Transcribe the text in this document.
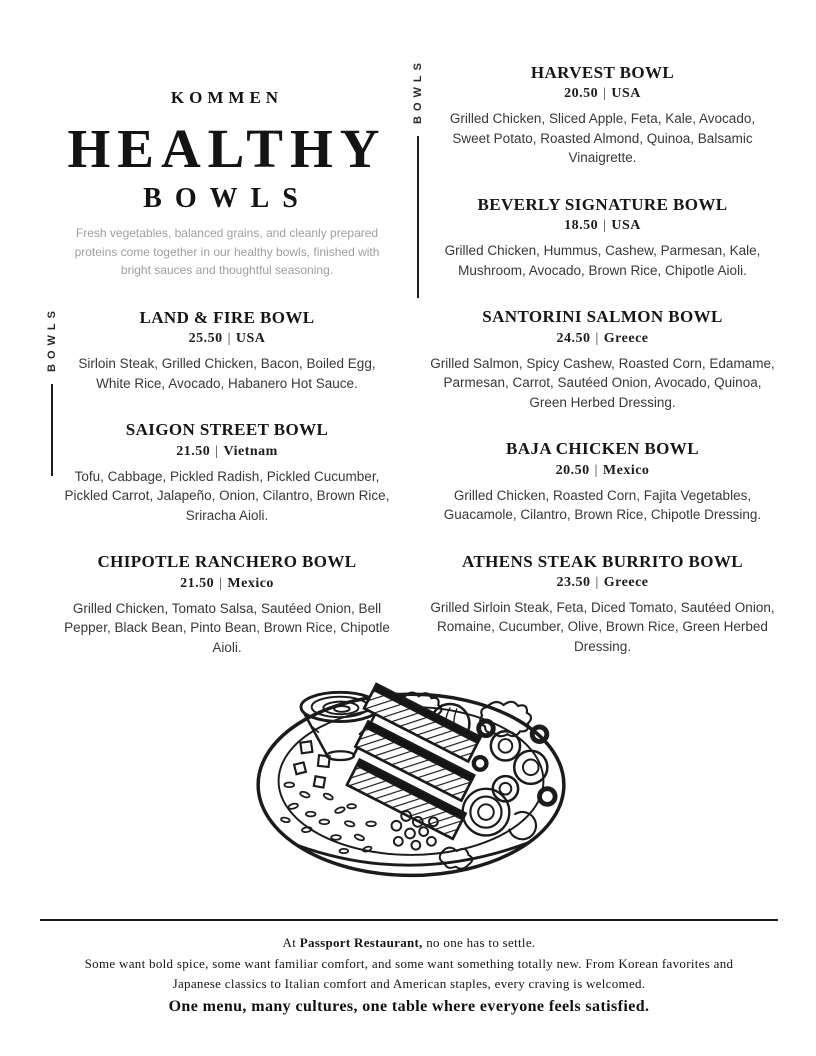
KOMMEN
HEALTHY
BOWLS

Fresh vegetables, balanced grains, and cleanly prepared proteins come together in our healthy bowls, finished with bright sauces and thoughtful seasoning.

BOWLS
BOWLS	LAND & FIRE BOWL
25.50 | USA

Sirloin Steak, Grilled Chicken, Bacon, Boiled Egg, White Rice, Avocado, Habanero Hot Sauce.

SAIGON STREET BOWL
21.50 | Vietnam

Tofu, Cabbage, Pickled Radish, Pickled Cucumber, Pickled Carrot, Jalapeño, Onion, Cilantro, Brown Rice, Sriracha Aioli.

CHIPOTLE RANCHERO BOWL
21.50 | Mexico

Grilled Chicken, Tomato Salsa, Sautéed Onion, Bell Pepper, Black Bean, Pinto Bean, Brown Rice, Chipotle Aioli.

HARVEST BOWL
20.50 | USA

Grilled Chicken, Sliced Apple, Feta, Kale, Avocado, Sweet Potato, Roasted Almond, Quinoa, Balsamic Vinaigrette.

BEVERLY SIGNATURE BOWL
18.50 | USA

Grilled Chicken, Hummus, Cashew, Parmesan, Kale, Mushroom, Avocado, Brown Rice, Chipotle Aioli.

SANTORINI SALMON BOWL
24.50 | Greece

Grilled Salmon, Spicy Cashew, Roasted Corn, Edamame, Parmesan, Carrot, Sautéed Onion, Avocado, Quinoa, Green Herbed Dressing.

BAJA CHICKEN BOWL
20.50 | Mexico

Grilled Chicken, Roasted Corn, Fajita Vegetables, Guacamole, Cilantro, Brown Rice, Chipotle Dressing.

ATHENS STEAK BURRITO BOWL
23.50 | Greece

Grilled Sirloin Steak, Feta, Diced Tomato, Sautéed Onion, Romaine, Cucumber, Olive, Brown Rice, Green Herbed Dressing.

At Passport Restaurant, no one has to settle.

Some want bold spice, some want familiar comfort, and some want something totally new. From Korean favorites and Japanese classics to Italian comfort and American staples, every craving is welcomed.

One menu, many cultures, one table where everyone feels satisfied.
